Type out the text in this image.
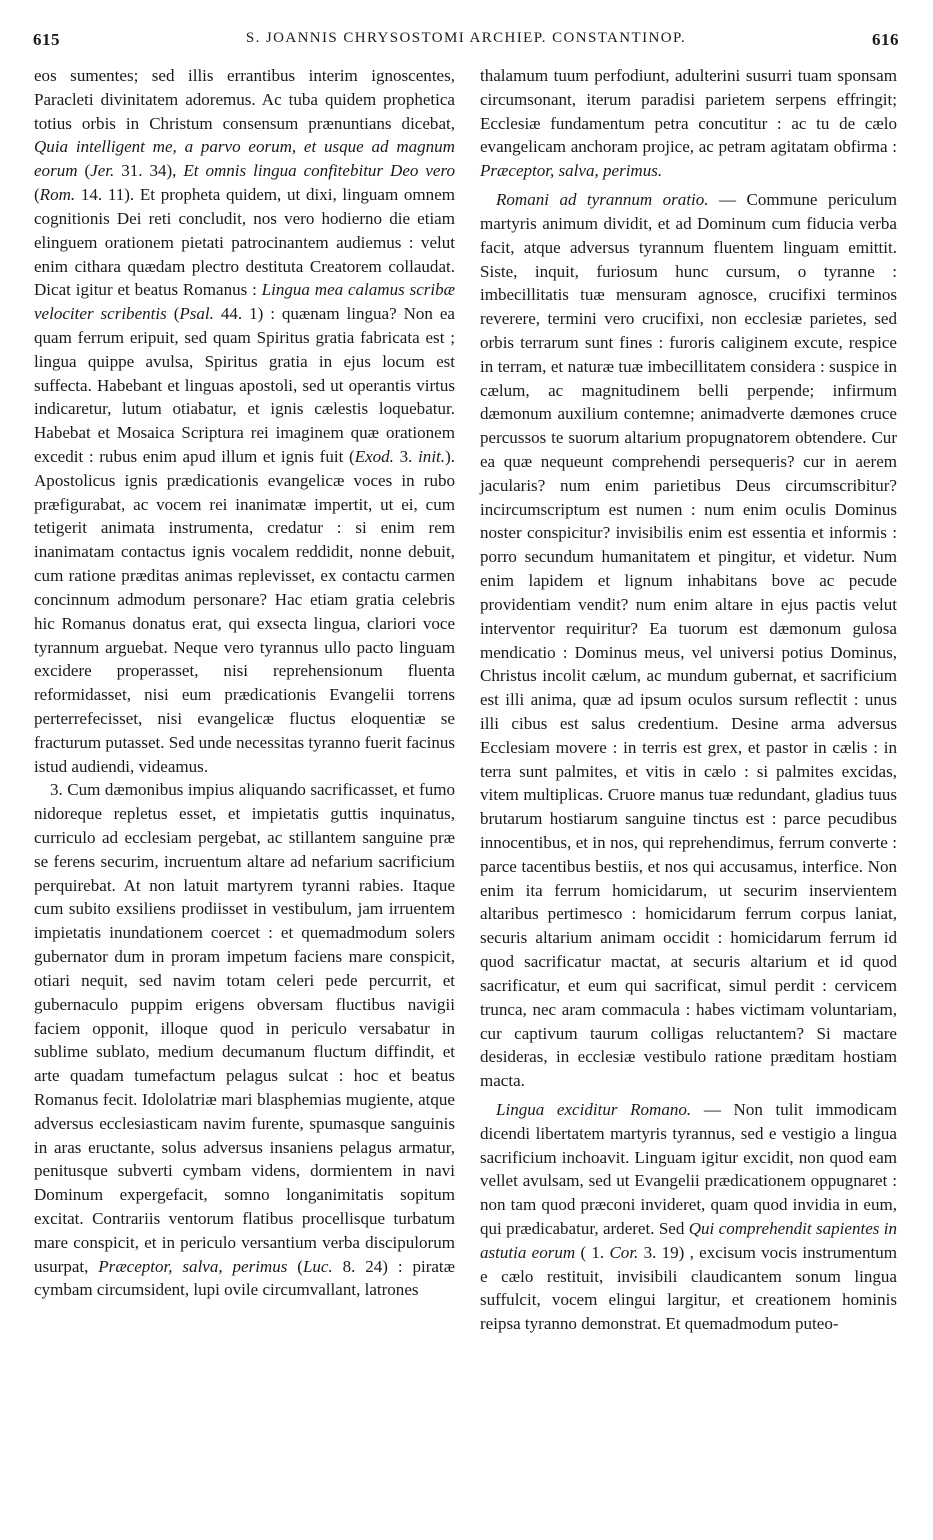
615	S. JOANNIS CHRYSOSTOMI ARCHIEP. CONSTANTINOP.	616

eos sumentes; sed illis errantibus interim ignoscentes, Paracleti divinitatem adoremus. Ac tuba quidem prophetica totius orbis in Christum consensum prænuntians dicebat, Quia intelligent me, a parvo eorum, et usque ad magnum eorum (Jer. 31. 34), Et omnis lingua confitebitur Deo vero (Rom. 14. 11). Et propheta quidem, ut dixi, linguam omnem cognitionis Dei reti concludit, nos vero hodierno die etiam elinguem orationem pietati patrocinantem audiemus : velut enim cithara quædam plectro destituta Creatorem collaudat. Dicat igitur et beatus Romanus : Lingua mea calamus scribæ velociter scribentis (Psal. 44. 1) : quænam lingua? Non ea quam ferrum eripuit, sed quam Spiritus gratia fabricata est ; lingua quippe avulsa, Spiritus gratia in ejus locum est suffecta. Habebant et linguas apostoli, sed ut operantis virtus indicaretur, lutum otiabatur, et ignis cælestis loquebatur. Habebat et Mosaica Scriptura rei imaginem quæ orationem excedit : rubus enim apud illum et ignis fuit (Exod. 3. init.). Apostolicus ignis prædicationis evangelicæ voces in rubo præfigurabat, ac vocem rei inanimatæ impertit, ut ei, cum tetigerit animata instrumenta, credatur : si enim rem inanimatam contactus ignis vocalem reddidit, nonne debuit, cum ratione præditas animas replevisset, ex contactu carmen concinnum admodum personare? Hac etiam gratia celebris hic Romanus donatus erat, qui exsecta lingua, clariori voce tyrannum arguebat. Neque vero tyrannus ullo pacto linguam excidere properasset, nisi reprehensionum fluenta reformidasset, nisi eum prædicationis Evangelii torrens perterrefecisset, nisi evangelicæ fluctus eloquentiæ se fracturum putasset. Sed unde necessitas tyranno fuerit facinus istud audiendi, videamus.

3. Cum dæmonibus impius aliquando sacrificasset, et fumo nidoreque repletus esset, et impietatis guttis inquinatus, curriculo ad ecclesiam pergebat, ac stillantem sanguine præ se ferens securim, incruentum altare ad nefarium sacrificium perquirebat. At non latuit martyrem tyranni rabies. Itaque cum subito exsiliens prodiisset in vestibulum, jam irruentem impietatis inundationem coercet : et quemadmodum solers gubernator dum in proram impetum faciens mare conspicit, otiari nequit, sed navim totam celeri pede percurrit, et gubernaculo puppim erigens obversam fluctibus navigii faciem opponit, illoque quod in periculo versabatur in sublime sublato, medium decumanum fluctum diffindit, et arte quadam tumefactum pelagus sulcat : hoc et beatus Romanus fecit. Idololatriæ mari blasphemias mugiente, atque adversus ecclesiasticam navim furente, spumasque sanguinis in aras eructante, solus adversus insaniens pelagus armatur, penitusque subverti cymbam videns, dormientem in navi Dominum expergefacit, somno longanimitatis sopitum excitat. Contrariis ventorum flatibus procellisque turbatum mare conspicit, et in periculo versantium verba discipulorum usurpat, Præceptor, salva, perimus (Luc. 8. 24) : piratæ cymbam circumsident, lupi ovile circumvallant, latrones

thalamum tuum perfodiunt, adulterini susurri tuam sponsam circumsonant, iterum paradisi parietem serpens effringit; Ecclesiæ fundamentum petra concutitur : ac tu de cælo evangelicam anchoram projice, ac petram agitatam obfirma : Præceptor, salva, perimus.

Romani ad tyrannum oratio. — Commune periculum martyris animum dividit, et ad Dominum cum fiducia verba facit, atque adversus tyrannum fluentem linguam emittit. Siste, inquit, furiosum hunc cursum, o tyranne : imbecillitatis tuæ mensuram agnosce, crucifixi terminos reverere, termini vero crucifixi, non ecclesiæ parietes, sed orbis terrarum sunt fines : furoris caliginem excute, respice in terram, et naturæ tuæ imbecillitatem considera : suspice in cælum, ac magnitudinem belli perpende; infirmum dæmonum auxilium contemne; animadverte dæmones cruce percussos te suorum altarium propugnatorem obtendere. Cur ea quæ nequeunt comprehendi persequeris? cur in aerem jacularis? num enim parietibus Deus circumscribitur? incircumscriptum est numen : num enim oculis Dominus noster conspicitur? invisibilis enim est essentia et informis : porro secundum humanitatem et pingitur, et videtur. Num enim lapidem et lignum inhabitans bove ac pecude providentiam vendit? num enim altare in ejus pactis velut interventor requiritur? Ea tuorum est dæmonum gulosa mendicatio : Dominus meus, vel universi potius Dominus, Christus incolit cælum, ac mundum gubernat, et sacrificium est illi anima, quæ ad ipsum oculos sursum reflectit : unus illi cibus est salus credentium. Desine arma adversus Ecclesiam movere : in terris est grex, et pastor in cælis : in terra sunt palmites, et vitis in cælo : si palmites excidas, vitem multiplicas. Cruore manus tuæ redundant, gladius tuus brutarum hostiarum sanguine tinctus est : parce pecudibus innocentibus, et in nos, qui reprehendimus, ferrum converte : parce tacentibus bestiis, et nos qui accusamus, interfice. Non enim ita ferrum homicidarum, ut securim inservientem altaribus pertimesco : homicidarum ferrum corpus laniat, securis altarium animam occidit : homicidarum ferrum id quod sacrificatur mactat, at securis altarium et id quod sacrificatur, et eum qui sacrificat, simul perdit : cervicem trunca, nec aram commacula : habes victimam voluntariam, cur captivum taurum colligas reluctantem? Si mactare desideras, in ecclesiæ vestibulo ratione præditam hostiam macta.

Lingua exciditur Romano. — Non tulit immodicam dicendi libertatem martyris tyrannus, sed e vestigio a lingua sacrificium inchoavit. Linguam igitur excidit, non quod eam vellet avulsam, sed ut Evangelii prædicationem oppugnaret : non tam quod præconi invideret, quam quod invidia in eum, qui prædicabatur, arderet. Sed Qui comprehendit sapientes in astutia eorum ( 1. Cor. 3. 19) , excisum vocis instrumentum e cælo restituit, invisibili claudicantem sonum lingua suffulcit, vocem elingui largitur, et creationem hominis reipsa tyranno demonstrat. Et quemadmodum puteo-
